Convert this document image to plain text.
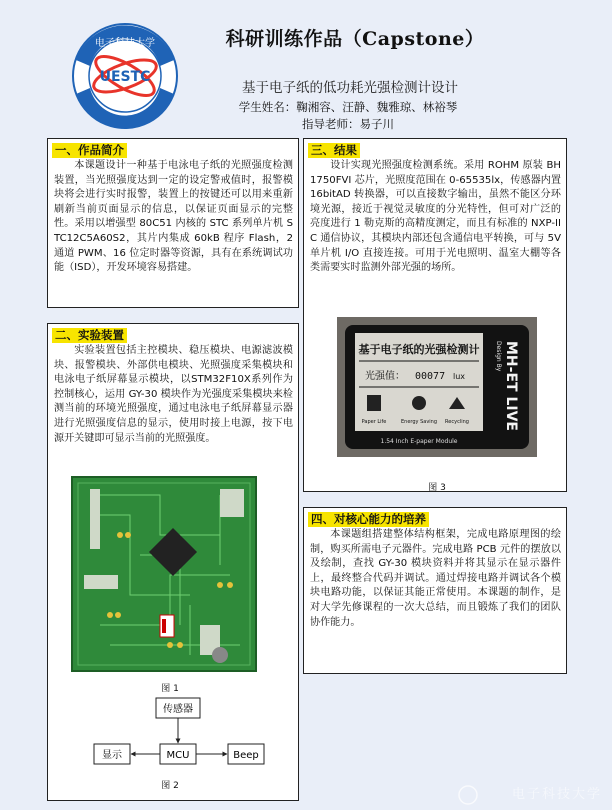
UESTC
电子科技大学	科研训练作品（Capstone）
基于电子纸的低功耗光强检测计设计
学生姓名：鞠湘容、汪静、魏雅琼、林裕琴
指导老师：易子川
一、作品简介
本课题设计一种基于电泳电子纸的光照强度检测装置，当光照强度达到一定的设定警戒值时，报警模块将会进行实时报警，装置上的按键还可以用来重新刷新当前页面显示的信息，以保证页面显示的完整性。采用以增强型 80C51 内核的 STC 系列单片机 STC12C5A60S2，其片内集成 60kB 程序 Flash，2通道 PWM、16 位定时器等资源，具有在系统调试功能（ISD），开发环境容易搭建。
二、实验装置
实验装置包括主控模块、稳压模块、电源滤波模块、报警模块、外部供电模块、光照强度采集模块和电泳电子纸屏幕显示模块，以STM32F10X系列作为控制核心，运用 GY-30 模块作为光强度采集模块来检测当前的环境光照强度，通过电泳电子纸屏幕显示器进行光照强度信息的显示，使用时接上电源，按下电源开关键即可显示当前的光照强度。
图 1
传感器
MCU
显示	Beep
图 2
三、结果
设计实现光照强度检测系统。采用 ROHM 原装 BH1750FVI 芯片，光照度范围在 0-65535lx，传感器内置 16bitAD 转换器，可以直接数字输出，虽然不能区分环境光源，接近于视觉灵敏度的分光特性，但可对广泛的亮度进行 1 勒克斯的高精度测定，而且有标准的 NXP-IIC 通信协议，其模块内部还包含通信电平转换，可与 5V 单片机 I/O 直接连接。可用于光电照明、温室大棚等各类需要实时监测外部光强的场所。
基于电子纸的光强检测计
光强值： 00077 lux
Paper Life	Energy Saving Recycling
Design By MH-ET LIVE
1.54 Inch E-paper Module
图 3
四、对核心能力的培养
本课题组搭建整体结构框架，完成电路原理图的绘制，购买所需电子元器件。完成电路 PCB 元件的摆放以及绘制，查找 GY-30 模块资料并将其显示在显示器件上，最终整合代码并调试。通过焊接电路并调试各个模块电路功能，以保证其能正常使用。本课题的制作，是对大学先修课程的一次大总结，而且锻炼了我们的团队协作能力。
电子科技大学
